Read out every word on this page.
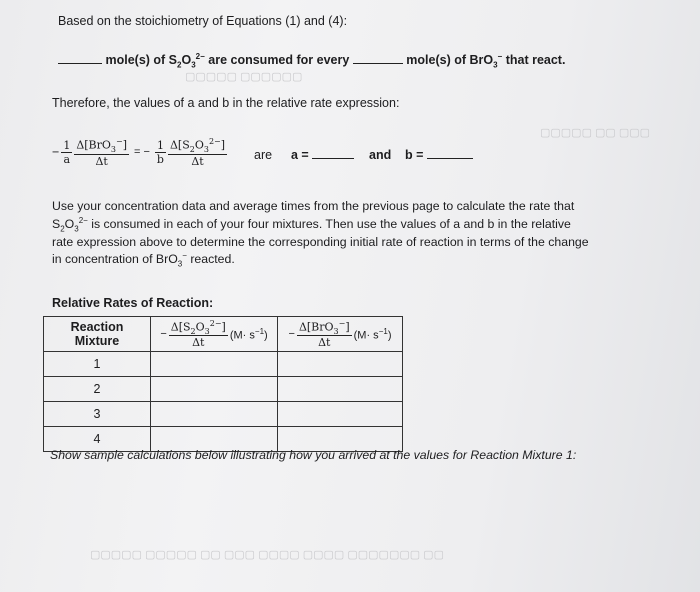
▢▢▢▢▢ ▢▢▢▢▢▢
▢▢▢▢▢ ▢▢ ▢▢▢
▢▢▢▢▢ ▢▢▢▢▢ ▢▢ ▢▢▢ ▢▢▢▢ ▢▢▢▢ ▢▢▢▢▢▢▢ ▢▢
Based on the stoichiometry of Equations (1) and (4):
mole(s) of $S_2O_3^{2-}$ are consumed for every	mole(s) of BrO$_3$− that react.
Therefore, the values of a and b in the relative rate expression:
− $\frac{1}{a} \frac{\Delta[BrO_3^-]}{\Delta t}$ = − $\frac{1}{b} \frac{\Delta[S_2O_3^{2-}]}{\Delta t}$ are a =	and b =
Use your concentration data and average times from the previous page to calculate the rate that
$S_2O_3^{2-}$ is consumed in each of your four mixtures. Then use the values of a and b in the relative
rate expression above to determine the corresponding initial rate of reaction in terms of the change
in concentration of BrO$_3$− reacted.
Relative Rates of Reaction:
Reaction
Mixture	− $\frac{\Delta[S_2O_3^{2-}]}{\Delta t} (M\cdot s^{-1})$	− $\frac{\Delta[BrO_3^-]}{\Delta t} (M\cdot s^{-1})$

1		
2		
3		
4		
Show sample calculations below illustrating how you arrived at the values for Reaction Mixture 1:
